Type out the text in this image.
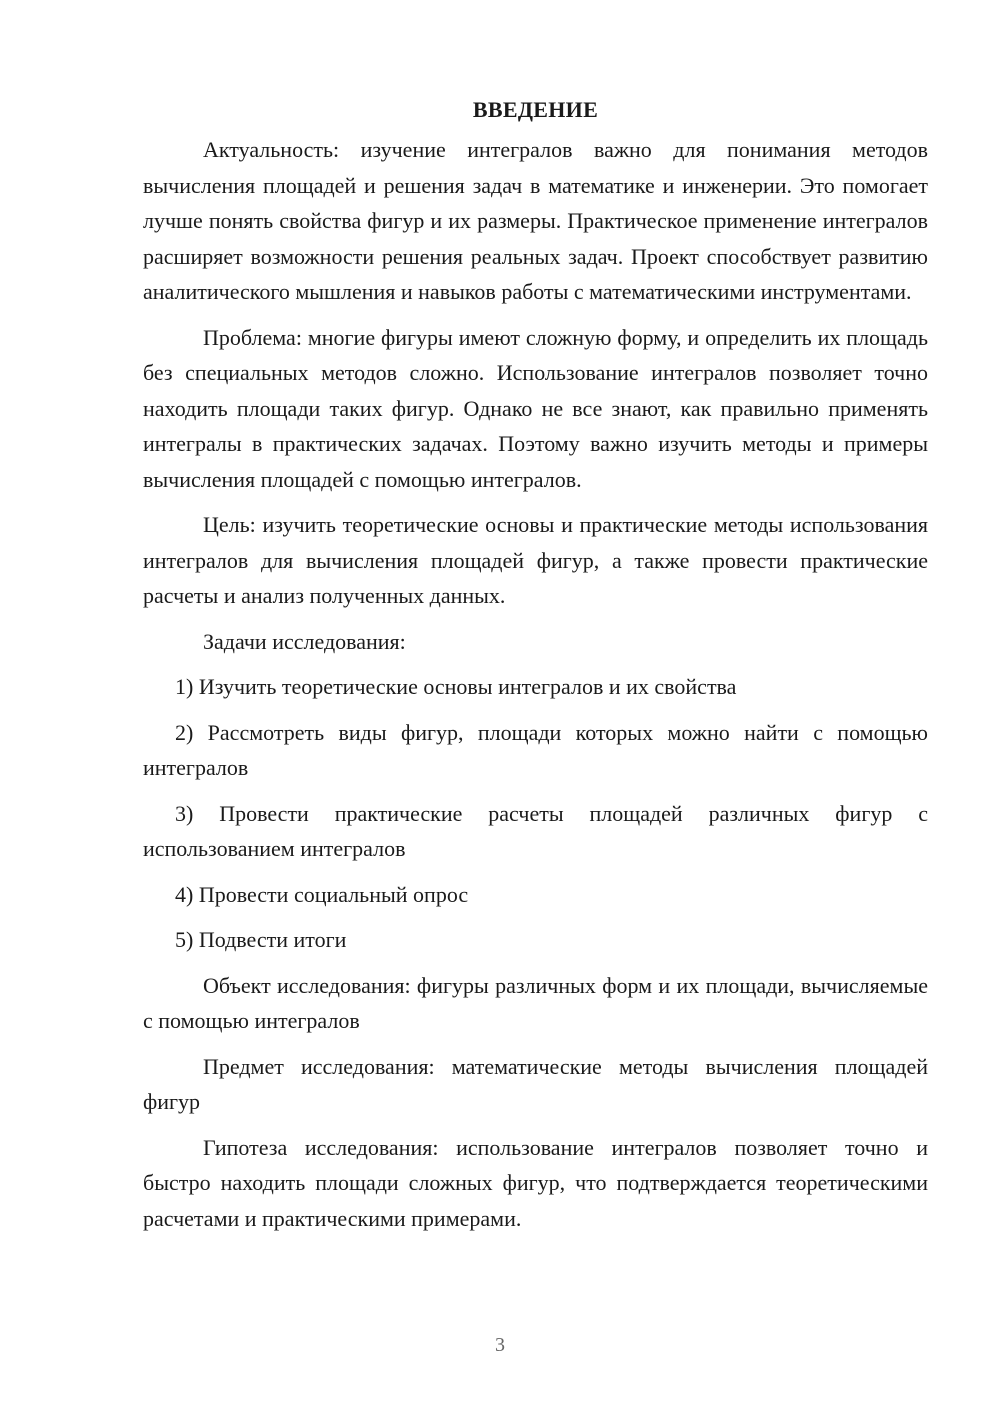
ВВЕДЕНИЕ

Актуальность: изучение интегралов важно для понимания методов вычисления площадей и решения задач в математике и инженерии. Это помогает лучше понять свойства фигур и их размеры. Практическое применение интегралов расширяет возможности решения реальных задач. Проект способствует развитию аналитического мышления и навыков работы с математическими инструментами.

Проблема: многие фигуры имеют сложную форму, и определить их площадь без специальных методов сложно. Использование интегралов позволяет точно находить площади таких фигур. Однако не все знают, как правильно применять интегралы в практических задачах. Поэтому важно изучить методы и примеры вычисления площадей с помощью интегралов.

Цель: изучить теоретические основы и практические методы использования интегралов для вычисления площадей фигур, а также провести практические расчеты и анализ полученных данных.

Задачи исследования:

1) Изучить теоретические основы интегралов и их свойства

2) Рассмотреть виды фигур, площади которых можно найти с помощью интегралов

3) Провести практические расчеты площадей различных фигур с использованием интегралов

4) Провести социальный опрос

5) Подвести итоги

Объект исследования: фигуры различных форм и их площади, вычисляемые с помощью интегралов

Предмет исследования: математические методы вычисления площадей фигур

Гипотеза исследования: использование интегралов позволяет точно и быстро находить площади сложных фигур, что подтверждается теоретическими расчетами и практическими примерами.

3
